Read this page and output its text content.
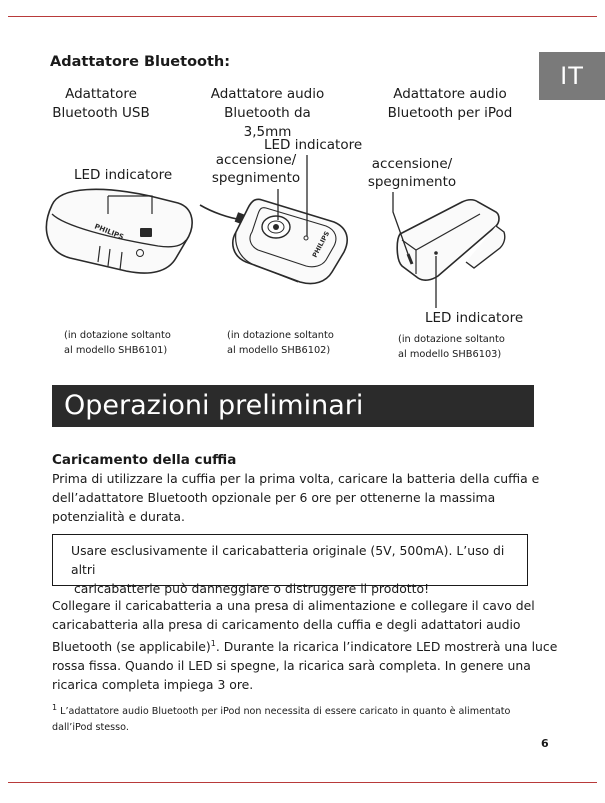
IT
Adattatore Bluetooth:
Adattatore
Bluetooth USB
Adattatore audio
Bluetooth da 3,5mm
Adattatore audio
Bluetooth per iPod
LED indicatore
accensione/
spegnimento
LED indicatore
accensione/
spegnimento
LED indicatore
PHILIPS	PHILIPS
(in dotazione soltanto
al modello SHB6101)
(in dotazione soltanto
al modello SHB6102)
(in dotazione soltanto
al modello SHB6103)
Operazioni preliminari
Caricamento della cuffia
Prima di utilizzare la cuffia per la prima volta, caricare la batteria della cuffia e
dell’adattatore Bluetooth opzionale per 6 ore per ottenerne la massima
potenzialità e durata.
Usare esclusivamente il caricabatteria originale (5V, 500mA). L’uso di altri
caricabatterie può danneggiare o distruggere il prodotto!
Collegare il caricabatteria a una presa di alimentazione e collegare il cavo del
caricabatteria alla presa di caricamento della cuffia e degli adattatori audio
Bluetooth (se applicabile)$^1$. Durante la ricarica l’indicatore LED mostrerà una luce
rossa fissa. Quando il LED si spegne, la ricarica sarà completa. In genere una
ricarica completa impiega 3 ore.
$^1$ L’adattatore audio Bluetooth per iPod non necessita di essere caricato in quanto è alimentato
dall’iPod stesso.
6
